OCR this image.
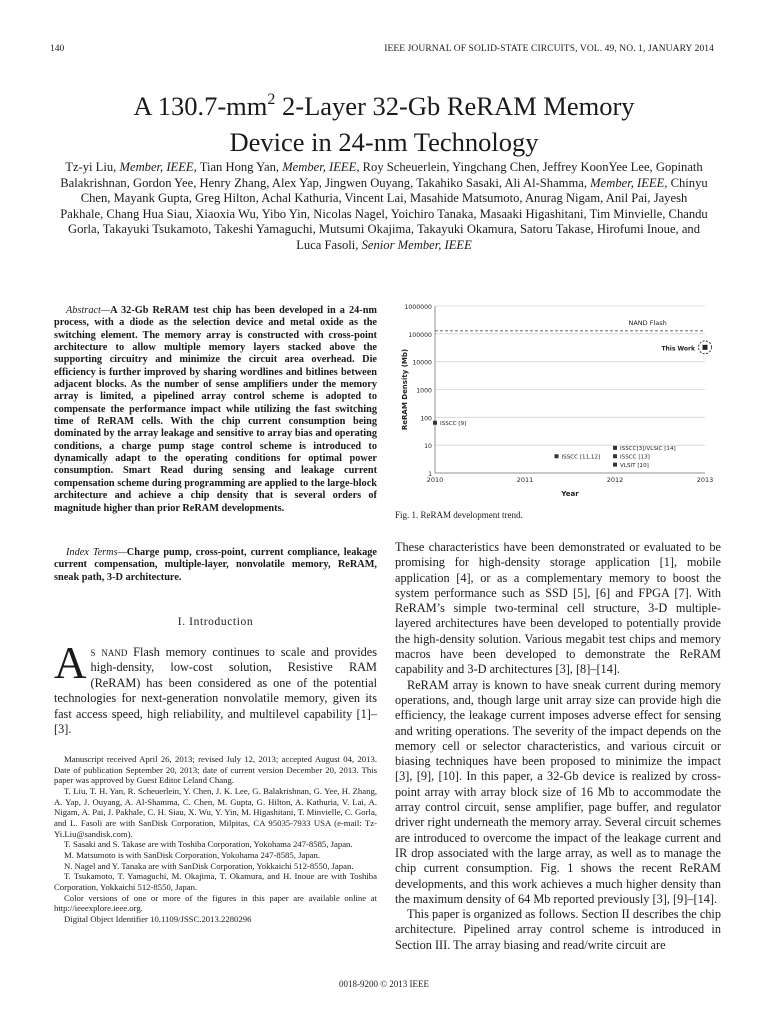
140	IEEE JOURNAL OF SOLID-STATE CIRCUITS, VOL. 49, NO. 1, JANUARY 2014
A $130.7-mm^2$ 2-Layer 32-Gb ReRAM Memory
Device in 24-nm Technology
Tz-yi Liu, Member, IEEE, Tian Hong Yan, Member, IEEE, Roy Scheuerlein, Yingchang Chen, Jeffrey KoonYee Lee, Gopinath Balakrishnan, Gordon Yee, Henry Zhang, Alex Yap, Jingwen Ouyang, Takahiko Sasaki, Ali Al-Shamma, Member, IEEE, Chinyu Chen, Mayank Gupta, Greg Hilton, Achal Kathuria, Vincent Lai, Masahide Matsumoto, Anurag Nigam, Anil Pai, Jayesh Pakhale, Chang Hua Siau, Xiaoxia Wu, Yibo Yin, Nicolas Nagel, Yoichiro Tanaka, Masaaki Higashitani, Tim Minvielle, Chandu Gorla, Takayuki Tsukamoto, Takeshi Yamaguchi, Mutsumi Okajima, Takayuki Okamura, Satoru Takase, Hirofumi Inoue, and Luca Fasoli, Senior Member, IEEE
Abstract—A 32-Gb ReRAM test chip has been developed in a 24-nm process, with a diode as the selection device and metal oxide as the switching element. The memory array is constructed with cross-point architecture to allow multiple memory layers stacked above the supporting circuitry and minimize the circuit area overhead. Die efficiency is further improved by sharing wordlines and bitlines between adjacent blocks. As the number of sense amplifiers under the memory array is limited, a pipelined array control scheme is adopted to compensate the performance impact while utilizing the fast switching time of ReRAM cells. With the chip current consumption being dominated by the array leakage and sensitive to array bias and operating conditions, a charge pump stage control scheme is introduced to dynamically adapt to the operating conditions for optimal power consumption. Smart Read during sensing and leakage current compensation scheme during programming are applied to the large-block architecture and achieve a chip density that is several orders of magnitude higher than prior ReRAM developments.
Index Terms—Charge pump, cross-point, current compliance, leakage current compensation, multiple-layer, nonvolatile memory, ReRAM, sneak path, 3-D architecture.
I. Introduction
As nand Flash memory continues to scale and provides high-density, low-cost solution, Resistive RAM (ReRAM) has been considered as one of the potential technologies for next-generation nonvolatile memory, given its fast access speed, high reliability, and multilevel capability [1]–[3].

Manuscript received April 26, 2013; revised July 12, 2013; accepted August 04, 2013. Date of publication September 20, 2013; date of current version December 20, 2013. This paper was approved by Guest Editor Leland Chang.

T. Liu, T. H. Yan, R. Scheuerlein, Y. Chen, J. K. Lee, G. Balakrishnan, G. Yee, H. Zhang, A. Yap, J. Ouyang, A. Al-Shamma, C. Chen, M. Gupta, G. Hilton, A. Kathuria, V. Lai, A. Nigam, A. Pai, J. Pakhale, C. H. Siau, X. Wu, Y. Yin, M. Higashitani, T. Minvielle, C. Gorla, and L. Fasoli are with SanDisk Corporation, Milpitas, CA 95035-7933 USA (e-mail: Tz-Yi.Liu@sandisk.com).

T. Sasaki and S. Takase are with Toshiba Corporation, Yokohama 247-8585, Japan.

M. Matsumoto is with SanDisk Corporation, Yokohama 247-8585, Japan.

N. Nagel and Y. Tanaka are with SanDisk Corporation, Yokkaichi 512-8550, Japan.

T. Tsukamoto, T. Yamaguchi, M. Okajima, T. Okamura, and H. Inoue are with Toshiba Corporation, Yokkaichi 512-8550, Japan.

Color versions of one or more of the figures in this paper are available online at http://ieeexplore.ieee.org.

Digital Object Identifier 10.1109/JSSC.2013.2280296

1
10
100
1000
10000
100000
1000000
2010	2011	2012	2013
Year
ReRAM Density (Mb)
NAND Flash
ISSCC [9]
ISSCC [11,12]
ISSCC[3]/VLSIC [14]
ISSCC [13]
VLSIT [10]
This Work
Fig. 1. ReRAM development trend.

These characteristics have been demonstrated or evaluated to be promising for high-density storage application [1], mobile application [4], or as a complementary memory to boost the system performance such as SSD [5], [6] and FPGA [7]. With ReRAM’s simple two-terminal cell structure, 3-D multiple-layered architectures have been developed to potentially provide the high-density solution. Various megabit test chips and memory macros have been developed to demonstrate the ReRAM capability and 3-D architectures [3], [8]–[14].

ReRAM array is known to have sneak current during memory operations, and, though large unit array size can provide high die efficiency, the leakage current imposes adverse effect for sensing and writing operations. The severity of the impact depends on the memory cell or selector characteristics, and various circuit or biasing techniques have been proposed to minimize the impact [3], [9], [10]. In this paper, a 32-Gb device is realized by cross-point array with array block size of 16 Mb to accommodate the array control circuit, sense amplifier, page buffer, and regulator driver right underneath the memory array. Several circuit schemes are introduced to overcome the impact of the leakage current and IR drop associated with the large array, as well as to manage the chip current consumption. Fig. 1 shows the recent ReRAM developments, and this work achieves a much higher density than the maximum density of 64 Mb reported previously [3], [9]–[14].

This paper is organized as follows. Section II describes the chip architecture. Pipelined array control scheme is introduced in Section III. The array biasing and read/write circuit are

0018-9200 © 2013 IEEE
